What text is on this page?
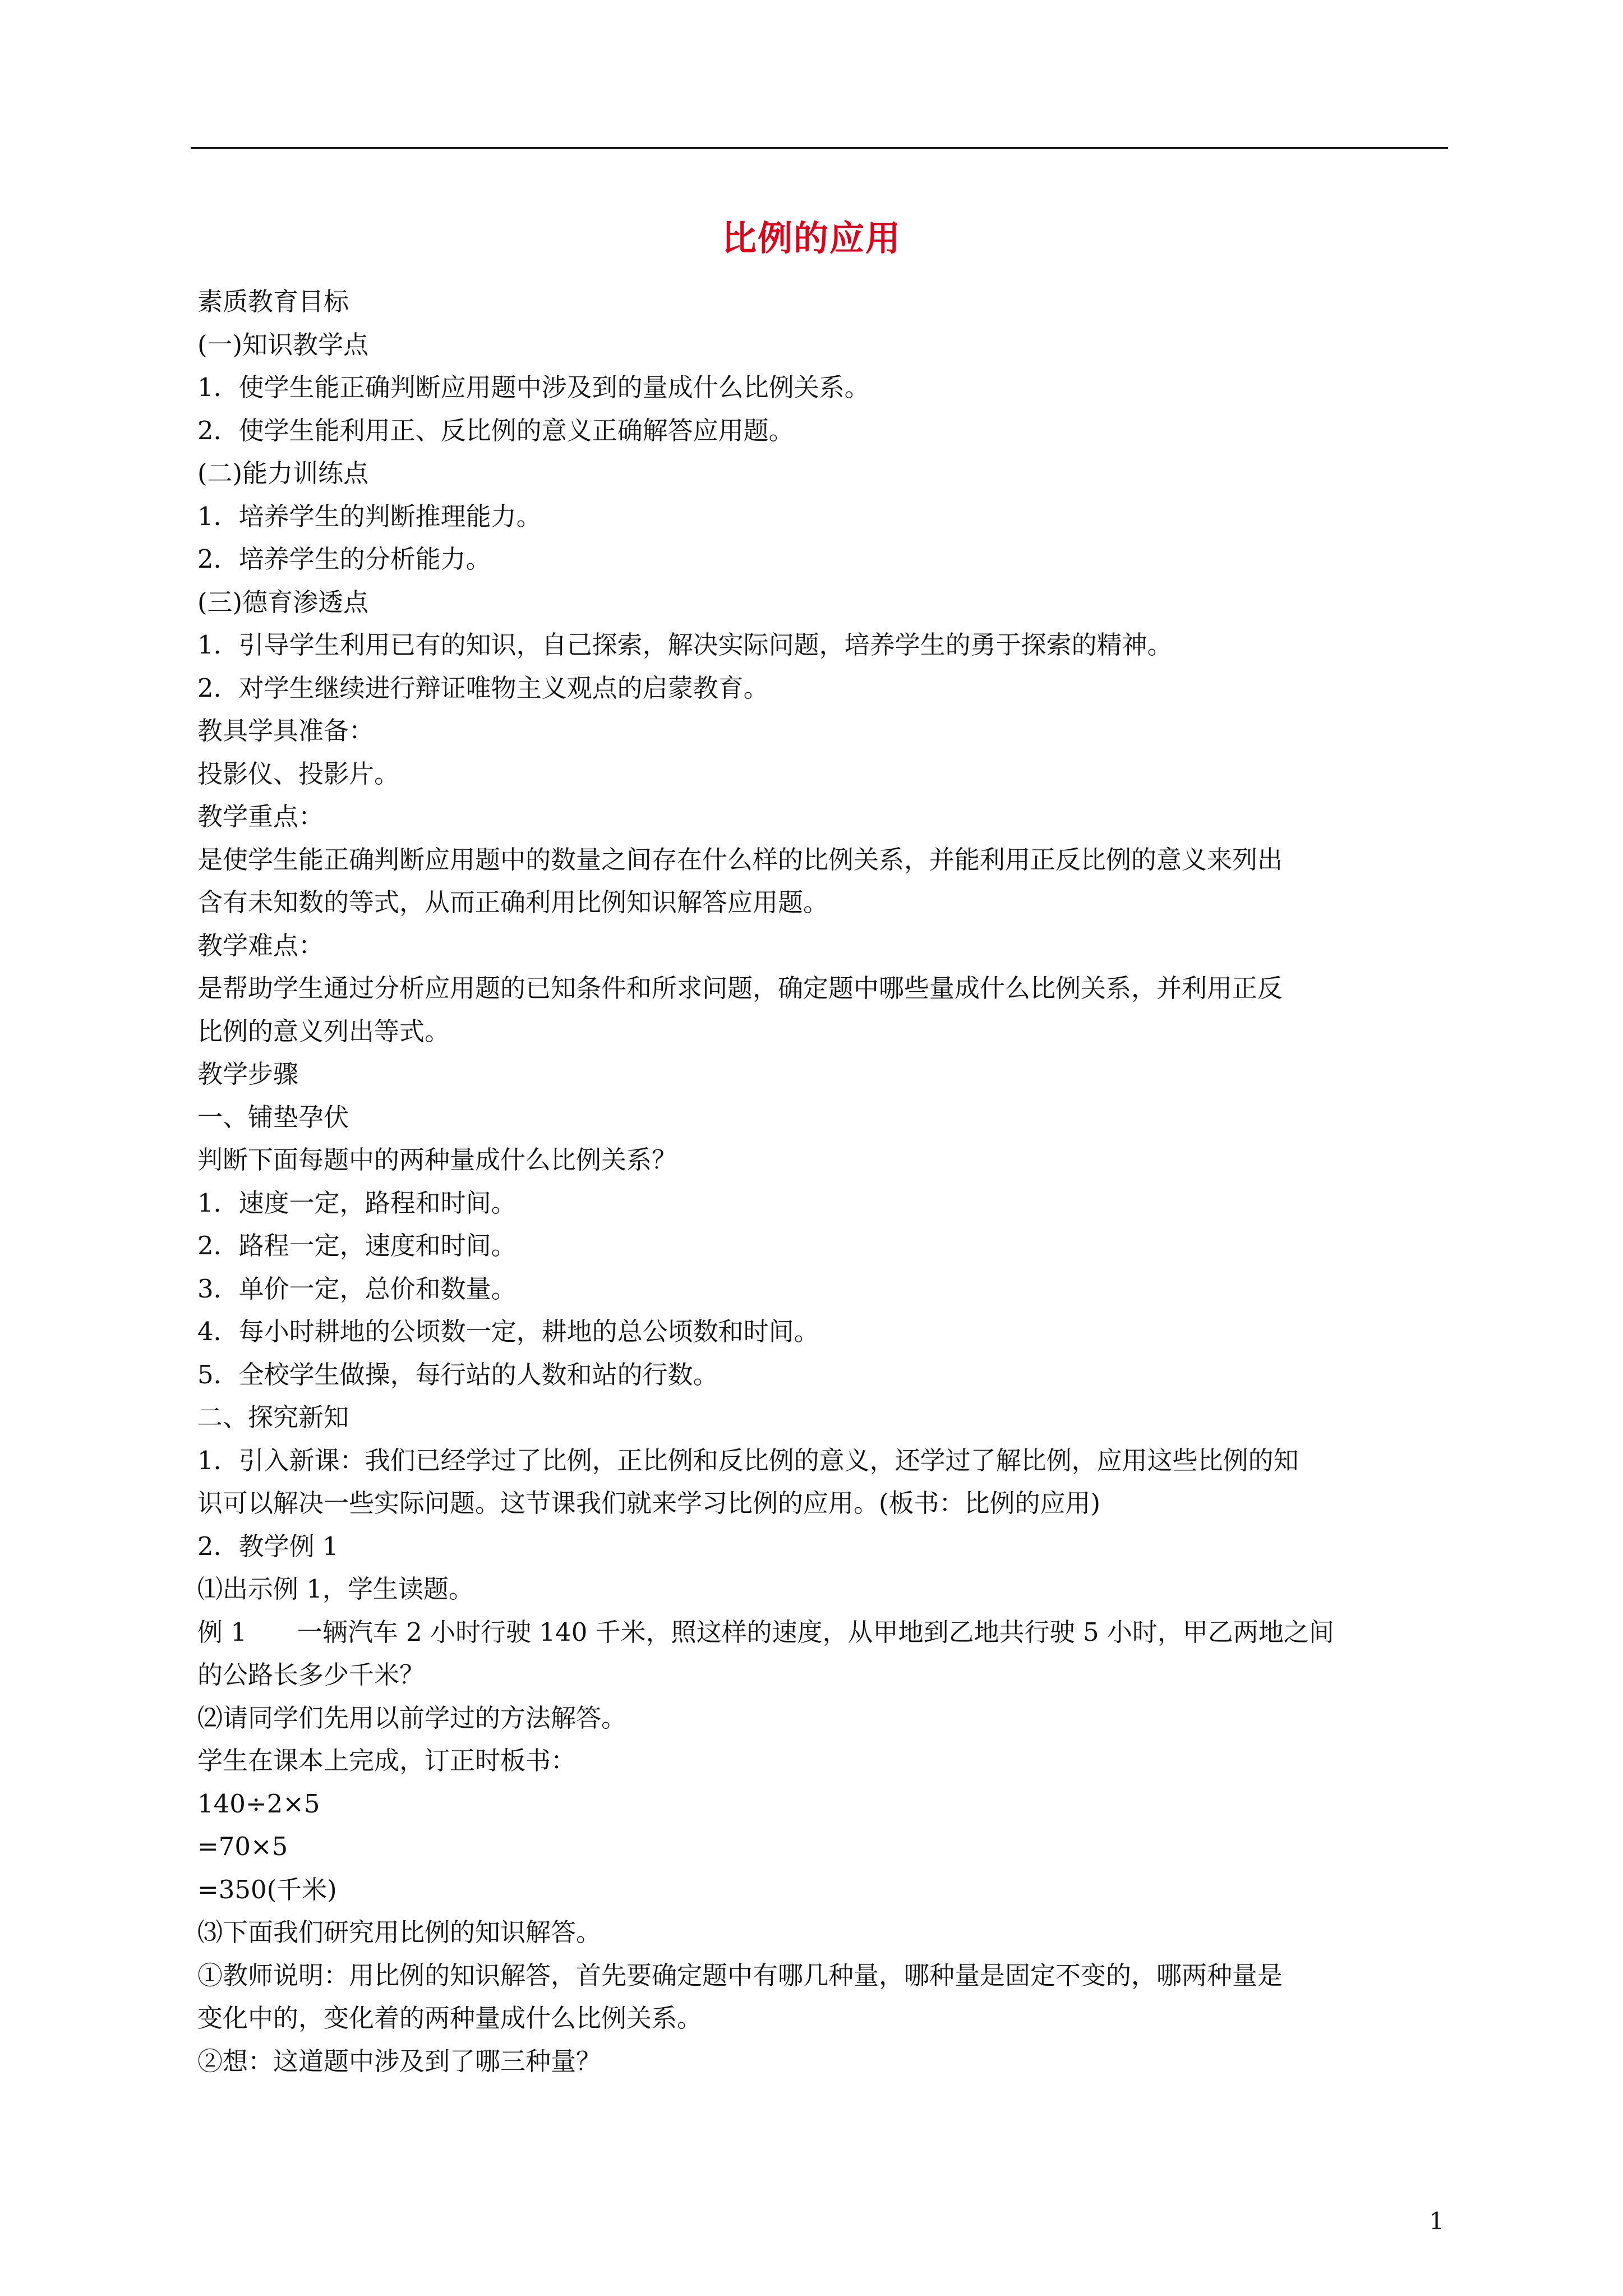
比例的应用
素质教育目标
(一)知识教学点
1．使学生能正确判断应用题中涉及到的量成什么比例关系。
2．使学生能利用正、反比例的意义正确解答应用题。
(二)能力训练点
1．培养学生的判断推理能力。
2．培养学生的分析能力。
(三)德育渗透点
1．引导学生利用已有的知识，自己探索，解决实际问题，培养学生的勇于探索的精神。
2．对学生继续进行辩证唯物主义观点的启蒙教育。
教具学具准备：
投影仪、投影片。
教学重点：
是使学生能正确判断应用题中的数量之间存在什么样的比例关系，并能利用正反比例的意义来列出
含有未知数的等式，从而正确利用比例知识解答应用题。
教学难点：
是帮助学生通过分析应用题的已知条件和所求问题，确定题中哪些量成什么比例关系，并利用正反
比例的意义列出等式。
教学步骤
一、铺垫孕伏
判断下面每题中的两种量成什么比例关系？
1．速度一定，路程和时间。
2．路程一定，速度和时间。
3．单价一定，总价和数量。
4．每小时耕地的公顷数一定，耕地的总公顷数和时间。
5．全校学生做操，每行站的人数和站的行数。
二、探究新知
1．引入新课：我们已经学过了比例，正比例和反比例的意义，还学过了解比例，应用这些比例的知
识可以解决一些实际问题。这节课我们就来学习比例的应用。(板书：比例的应用)
2．教学例 1
⑴出示例 1，学生读题。
例 1　　一辆汽车 2 小时行驶 140 千米，照这样的速度，从甲地到乙地共行驶 5 小时，甲乙两地之间
的公路长多少千米？
⑵请同学们先用以前学过的方法解答。
学生在课本上完成，订正时板书：
140÷2×5
=70×5
=350(千米)
⑶下面我们研究用比例的知识解答。
①教师说明：用比例的知识解答，首先要确定题中有哪几种量，哪种量是固定不变的，哪两种量是
变化中的，变化着的两种量成什么比例关系。
②想：这道题中涉及到了哪三种量？
1
